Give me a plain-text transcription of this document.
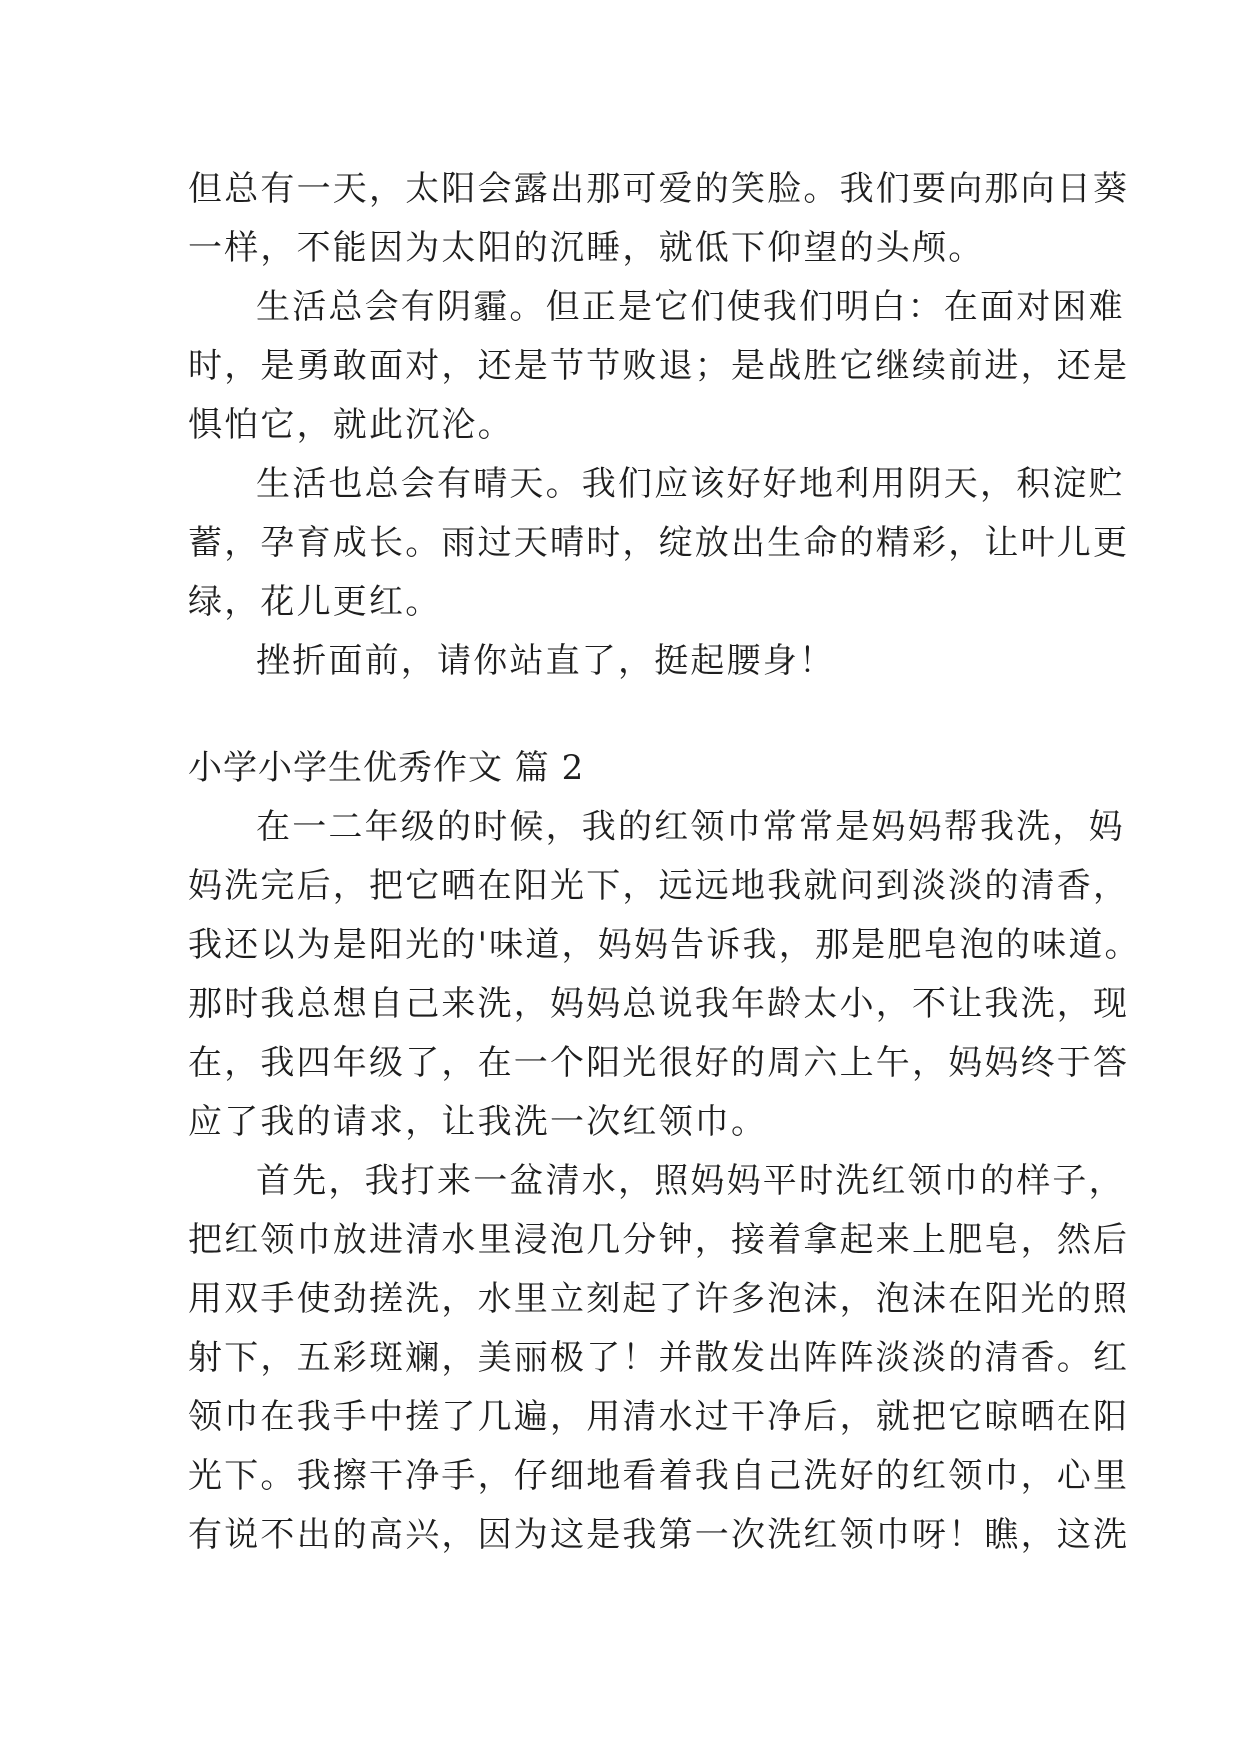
但总有一天，太阳会露出那可爱的笑脸。我们要向那向日葵
一样，不能因为太阳的沉睡，就低下仰望的头颅。
生活总会有阴霾。但正是它们使我们明白：在面对困难
时，是勇敢面对，还是节节败退；是战胜它继续前进，还是
惧怕它，就此沉沦。
生活也总会有晴天。我们应该好好地利用阴天，积淀贮
蓄，孕育成长。雨过天晴时，绽放出生命的精彩，让叶儿更
绿，花儿更红。
挫折面前，请你站直了，挺起腰身！
小学小学生优秀作文 篇 2
在一二年级的时候，我的红领巾常常是妈妈帮我洗，妈
妈洗完后，把它晒在阳光下，远远地我就问到淡淡的清香，
我还以为是阳光的'味道，妈妈告诉我，那是肥皂泡的味道。
那时我总想自己来洗，妈妈总说我年龄太小，不让我洗，现
在，我四年级了，在一个阳光很好的周六上午，妈妈终于答
应了我的请求，让我洗一次红领巾。
首先，我打来一盆清水，照妈妈平时洗红领巾的样子，
把红领巾放进清水里浸泡几分钟，接着拿起来上肥皂，然后
用双手使劲搓洗，水里立刻起了许多泡沫，泡沫在阳光的照
射下，五彩斑斓，美丽极了！并散发出阵阵淡淡的清香。红
领巾在我手中搓了几遍，用清水过干净后，就把它晾晒在阳
光下。我擦干净手，仔细地看着我自己洗好的红领巾，心里
有说不出的高兴，因为这是我第一次洗红领巾呀！瞧，这洗
